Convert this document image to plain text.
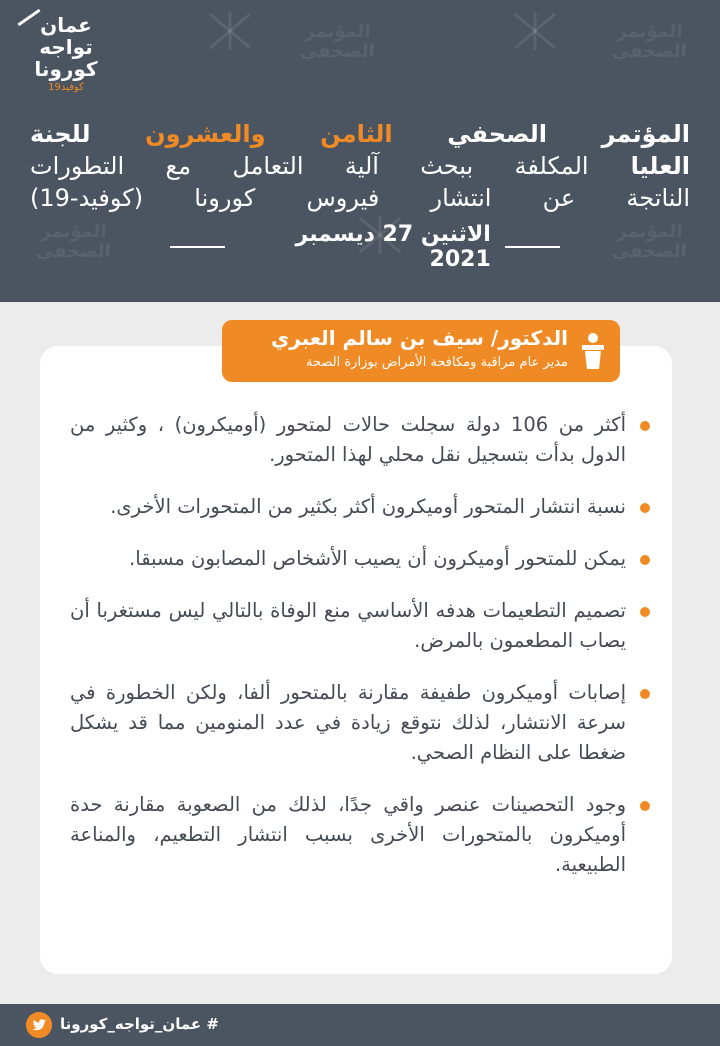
المؤتمر
الصحفي
المؤتمر
الصحفي
المؤتمر
الصحفي
المؤتمر
الصحفي
عمان
تواجه
كورونا
كوفيد19
المؤتمر الصحفي الثامن والعشرون للجنة
العليا المكلفة ببحث آلية التعامل مع التطورات
الناتجة عن انتشار فيروس كورونا (كوفيد-19)
الاثنين 27 ديسمبر 2021
الدكتور/ سيف بن سالم العبري
مدير عام مراقبة ومكافحة الأمراض بوزارة الصحة
أكثر من 106 دولة سجلت حالات لمتحور (أوميكرون) ، وكثير من الدول بدأت بتسجيل نقل محلي لهذا المتحور.
نسبة انتشار المتحور أوميكرون أكثر بكثير من المتحورات الأخرى.
يمكن للمتحور أوميكرون أن يصيب الأشخاص المصابون مسبقا.
تصميم التطعيمات هدفه الأساسي منع الوفاة بالتالي ليس مستغربا أن يصاب المطعمون بالمرض.
إصابات أوميكرون طفيفة مقارنة بالمتحور ألفا، ولكن الخطورة في سرعة الانتشار، لذلك نتوقع زيادة في عدد المنومين مما قد يشكل ضغطا على النظام الصحي.
وجود التحصينات عنصر واقي جدًا، لذلك من الصعوبة مقارنة حدة أوميكرون بالمتحورات الأخرى بسبب انتشار التطعيم، والمناعة الطبيعية.
# عمان_تواجه_كورونا
